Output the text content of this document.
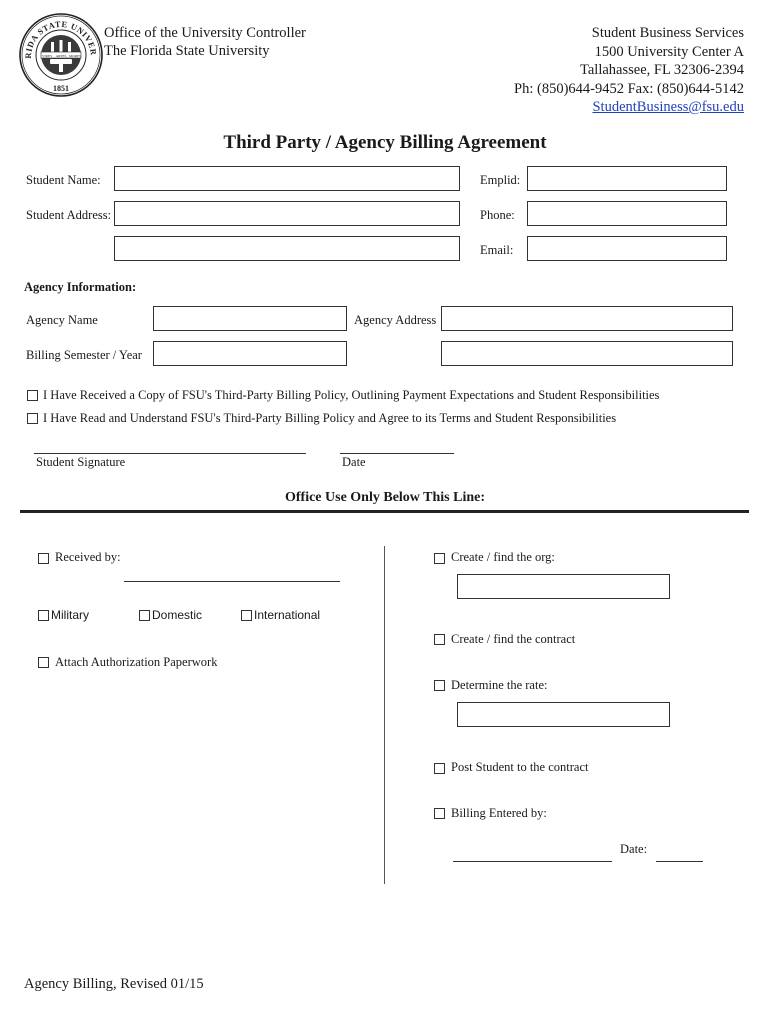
RIDA STATE UNIVER
1851
VIRES ARTES MORES
Office of the University Controller
The Florida State University
Student Business Services
1500 University Center A
Tallahassee, FL 32306-2394
Ph: (850)644-9452 Fax: (850)644-5142
StudentBusiness@fsu.edu
Third Party / Agency Billing Agreement
Student Name:	Emplid:
Student Address:	Phone:
Email:
Agency Information:
Agency Name	Agency Address
Billing Semester / Year
I Have Received a Copy of FSU's Third-Party Billing Policy, Outlining Payment Expectations and Student Responsibilities
I Have Read and Understand FSU's Third-Party Billing Policy and Agree to its Terms and Student Responsibilities
Student Signature	Date
Office Use Only Below This Line:
Received by:
Military	Domestic	International
Attach Authorization Paperwork
Create / find the org:
Create / find the contract
Determine the rate:
Post Student to the contract
Billing Entered by:
Date:
Agency Billing, Revised 01/15
